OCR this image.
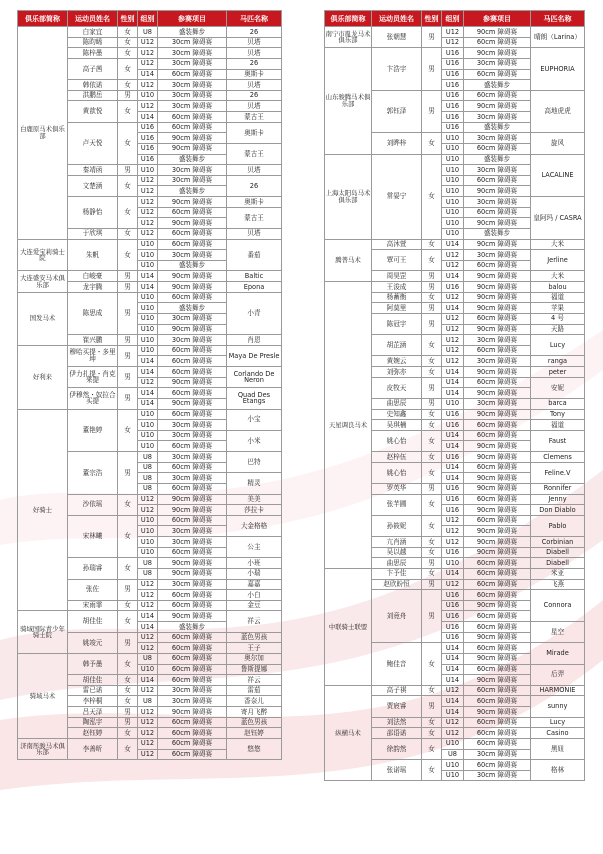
俱乐部简称	运动员姓名	性别	组别	参赛项目	马匹名称
白鹿原马术俱乐部	白家宜	女	U8	盛装舞步	26
	陈昀晞	女	U12	30cm 障碍赛	贝塔
	陈梓墨	女	U12	30cm 障碍赛	贝塔
	高子茜	女	U12	30cm 障碍赛	26
			U14	60cm 障碍赛	奥斯卡
	韩依诺	女	U12	30cm 障碍赛	贝塔
	洪鹏岳	男	U10	30cm 障碍赛	26
	黄歆悦	女	U12	30cm 障碍赛	贝塔
			U14	60cm 障碍赛	蒙古王
	卢天悦	女	U16	60cm 障碍赛	奥斯卡
			U16	90cm 障碍赛	
			U16	90cm 障碍赛	蒙古王
			U16	盛装舞步	
	秦靖函	男	U10	30cm 障碍赛	贝塔
	文楚涵	女	U12	30cm 障碍赛	26
			U12	盛装舞步	
	杨静怡	女	U12	90cm 障碍赛	奥斯卡
			U12	60cm 障碍赛	蒙古王
			U12	90cm 障碍赛	
	于欣琪	女	U12	60cm 障碍赛	贝塔
大连爱宝莉骑士院	朱帆	女	U10	60cm 障碍赛	番茄
			U10	30cm 障碍赛	
			U10	盛装舞步	
大连盛安马术俱乐部	白峻豪	男	U14	90cm 障碍赛	Baltic
	龙宇腾	男	U14	90cm 障碍赛	Epona
国发马术	陈思成	男	U10	60cm 障碍赛	小青
			U10	盛装舞步	
			U10	30cm 障碍赛	
			U10	90cm 障碍赛	
	崔兴鹏	男	U10	30cm 障碍赛	肖恩
好利来	穆哈买提・多里坤	男	U10	60cm 障碍赛	Maya De Presle
			U14	60cm 障碍赛	
	伊力扎提・肖克来提	男	U14	60cm 障碍赛	Corlando De Neron
			U12	90cm 障碍赛	
	伊穆然・奴拉合买提	男	U14	60cm 障碍赛	Quad Des Etangs
			U14	90cm 障碍赛	
好骑士	董艳婷	女	U10	60cm 障碍赛	小宝
			U10	30cm 障碍赛	
			U10	30cm 障碍赛	小米
			U10	60cm 障碍赛	
	董宗浩	男	U8	30cm 障碍赛	巴特
			U8	60cm 障碍赛	
			U8	30cm 障碍赛	精灵
			U8	60cm 障碍赛	
	沙依瑶	女	U12	90cm 障碍赛	美美
			U12	90cm 障碍赛	莎拉卡
	宋林曦	女	U10	60cm 障碍赛	大金格格
			U10	30cm 障碍赛	
			U10	30cm 障碍赛	公主
			U10	60cm 障碍赛	
	孙瑞睿	女	U8	90cm 障碍赛	小班
			U8	90cm 障碍赛	小瑞
	张佐	男	U12	30cm 障碍赛	嘉嘉
			U12	60cm 障碍赛	小白
	宋雨霏	女	U12	60cm 障碍赛	金豆
骑域国际青少年骑士院	胡佳佳	女	U14	90cm 障碍赛	祥云
			U14	盛装舞步	
	姚竣元	男	U12	60cm 障碍赛	蓝色男孩
			U12	60cm 障碍赛	王子
骑域马术	韩予墨	女	U8	60cm 障碍赛	奥尔加
			U10	60cm 障碍赛	鲁斯提娜
	胡佳佳	女	U14	60cm 障碍赛	祥云
	雷已诺	女	U12	30cm 障碍赛	雷茄
	李梓桐	女	U8	30cm 障碍赛	香奈儿
	吕天泽	男	U12	90cm 障碍赛	寄月飞醉
	陶泓宇	男	U12	60cm 障碍赛	蓝色男孩
	赵钰婷	女	U12	60cm 障碍赛	赵钰婷
济南彤骏马术俱乐部	李善昕	女	U12	60cm 障碍赛	悠悠
			U12	60cm 障碍赛	
俱乐部简称	运动员姓名	性别	组别	参赛项目	马匹名称
南宁市胤龙马术俱乐部	张朝慧	男	U12	90cm 障碍赛	晴朗（Larina）
			U12	60cm 障碍赛	
山东骏腾马术俱乐部	卞浩宇	男	U16	90cm 障碍赛	EUPHORIA
			U16	30cm 障碍赛	
			U16	60cm 障碍赛	
			U16	盛装舞步	
	郭钰泽	男	U16	60cm 障碍赛	高地虎虎
			U16	90cm 障碍赛	
			U16	30cm 障碍赛	
			U16	盛装舞步	
	刘晔梓	女	U10	30cm 障碍赛	旋风
			U10	60cm 障碍赛	
上海太阳岛马术俱乐部	常晏宁	女	U10	盛装舞步	LACALINE
			U10	30cm 障碍赛	
			U10	60cm 障碍赛	
			U10	90cm 障碍赛	
			U10	30cm 障碍赛	皇阿玛 / CASRA
			U10	60cm 障碍赛	
			U10	90cm 障碍赛	
			U10	盛装舞步	
腾普马术	高沐萱	女	U14	90cm 障碍赛	大米
	覃可王	女	U12	30cm 障碍赛	Jerline
			U12	60cm 障碍赛	
	周昊罡	男	U14	90cm 障碍赛	大米
天星调良马术	王浚成	男	U16	90cm 障碍赛	balou
	杨蓄衡	女	U12	90cm 障碍赛	福道
	阿莫里	男	U14	90cm 障碍赛	苹果
	陈冠宇	男	U12	60cm 障碍赛	4 号
			U12	90cm 障碍赛	天路
	胡芷涵	女	U12	30cm 障碍赛	Lucy
			U12	60cm 障碍赛	
	黄婉云	女	U12	30cm 障碍赛	ranga
	刘弥亦	女	U14	90cm 障碍赛	peter
	皮牧天	男	U14	60cm 障碍赛	安妮
			U14	90cm 障碍赛	
	曲思辰	男	U10	30cm 障碍赛	barca
	史知鑫	女	U16	90cm 障碍赛	Tony
	吴琪楠	女	U16	60cm 障碍赛	福道
	姚心怡	女	U14	60cm 障碍赛	Faust
			U14	90cm 障碍赛	
	赵梓伍	女	U16	90cm 障碍赛	Clemens
	姚心怡	女	U14	60cm 障碍赛	Feline.V
			U14	90cm 障碍赛	
	罗英华	男	U16	90cm 障碍赛	Ronnifer
	张芊圃	女	U16	60cm 障碍赛	Jenny
			U16	90cm 障碍赛	Don Diablo
	孙筱妮	女	U12	60cm 障碍赛	Pablo
			U12	90cm 障碍赛	
	亢肖涵	女	U12	90cm 障碍赛	Corbinian
	吴以越	女	U16	90cm 障碍赛	Diabell
	曲思辰	男	U10	60cm 障碍赛	Diabell
中联骑士联盟	卞予佳	女	U14	60cm 障碍赛	米亚
	赵欣盼恒	男	U12	60cm 障碍赛	飞燕
	刘竟舟	男	U16	60cm 障碍赛	Connora
			U16	90cm 障碍赛	
			U16	60cm 障碍赛	
			U16	60cm 障碍赛	星空
			U16	90cm 障碍赛	
	鲍佳音	女	U14	60cm 障碍赛	Mirade
			U14	90cm 障碍赛	
			U14	60cm 障碍赛	后羿
			U14	90cm 障碍赛	
纵横马术	高子祺	女	U12	60cm 障碍赛	HARMONIE
	贾宸睿	男	U14	60cm 障碍赛	sunny
			U14	90cm 障碍赛	
	刘法然	女	U12	60cm 障碍赛	Lucy
	邵语诺	女	U12	60cm 障碍赛	Casino
	徐韵然	女	U10	60cm 障碍赛	黑妞
			U8	30cm 障碍赛	
	张诺瑶	女	U10	60cm 障碍赛	格林
			U10	30cm 障碍赛	
